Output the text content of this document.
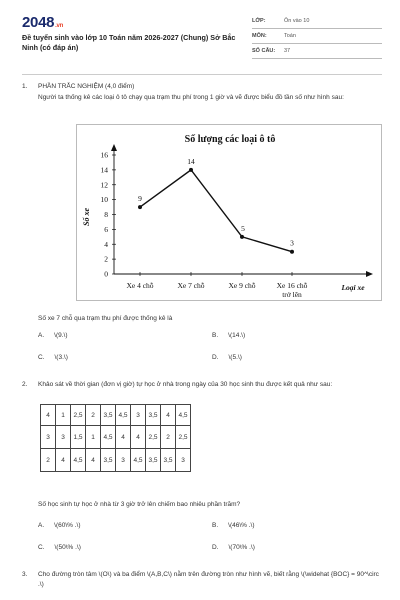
2048.vn
Đề tuyển sinh vào lớp 10 Toán năm 2026-2027 (Chung) Sở Bắc Ninh (có đáp án)
LỚP:	Ôn vào 10
MÔN:	Toán
SỐ CÂU:	37
1. PHẦN TRẮC NGHIỆM (4,0 điểm)
Người ta thống kê các loại ô tô chạy qua trạm thu phí trong 1 giờ và vẽ được biểu đồ tần số như hình sau:
Số lượng các loại ô tô
0
2
4
6
8
10
12
14
16
Số xe
Loại xe
Xe 4 chỗ	Xe 7 chỗ	Xe 9 chỗ	Xe 16 chỗ trở lên
9
14
5
3
Số xe 7 chỗ qua trạm thu phí được thống kê là
A. \(9.\)	B. \(14.\)
C. \(3.\)	D. \(5.\)
2. Khảo sát về thời gian (đơn vị giờ) tự học ở nhà trong ngày của 30 học sinh thu được kết quả như sau:
4	1	2,5	2	3,5	4,5	3	3,5	4	4,5
3	3	1,5	1	4,5	4	4	2,5	2	2,5
2	4	4,5	4	3,5	3	4,5	3,5	3,5	3
Số học sinh tự học ở nhà từ 3 giờ trở lên chiếm bao nhiêu phần trăm?
A. \(60\% .\)	B. \(46\% .\)
C. \(50\% .\)	D. \(70\% .\)
3. Cho đường tròn tâm \(O\) và ba điểm \(A,B,C\) nằm trên đường tròn như hình vẽ, biết rằng \(\widehat {BOC} = 90^\circ .\)
